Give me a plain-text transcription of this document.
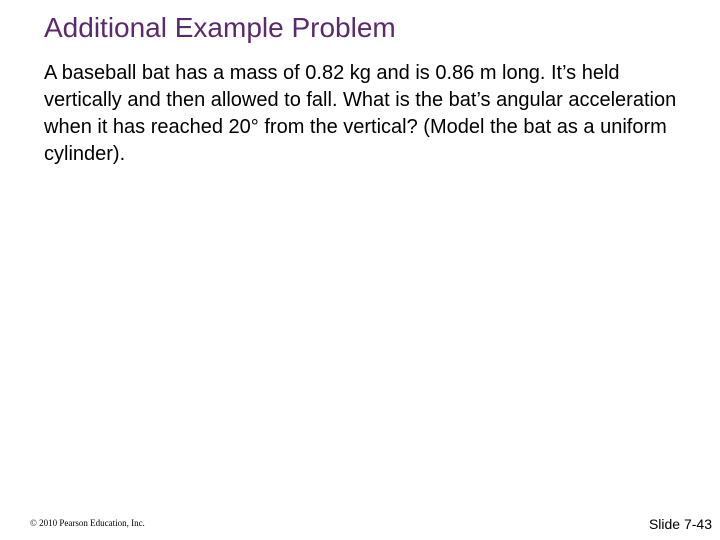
Additional Example Problem

A baseball bat has a mass of 0.82 kg and is 0.86 m long. It’s held vertically and then allowed to fall. What is the bat’s angular acceleration when it has reached 20° from the vertical? (Model the bat as a uniform cylinder).

© 2010 Pearson Education, Inc.	Slide 7-43
